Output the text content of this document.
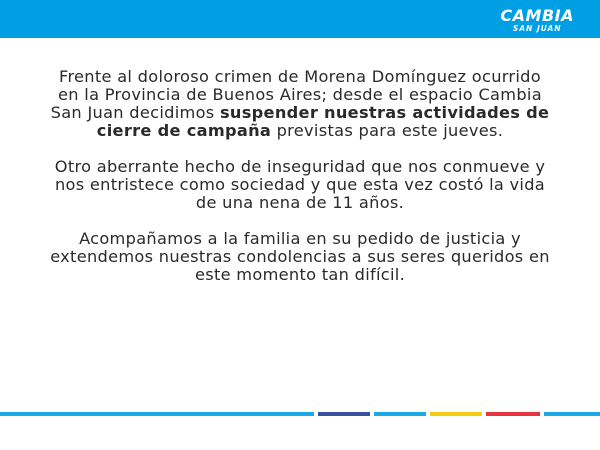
CAMBIA
SAN JUAN

Frente al doloroso crimen de Morena Domínguez ocurrido en la Provincia de Buenos Aires; desde el espacio Cambia San Juan decidimos suspender nuestras actividades de cierre de campaña previstas para este jueves.

Otro aberrante hecho de inseguridad que nos conmueve y nos entristece como sociedad y que esta vez costó la vida de una nena de 11 años.

Acompañamos a la familia en su pedido de justicia y extendemos nuestras condolencias a sus seres queridos en este momento tan difícil.
